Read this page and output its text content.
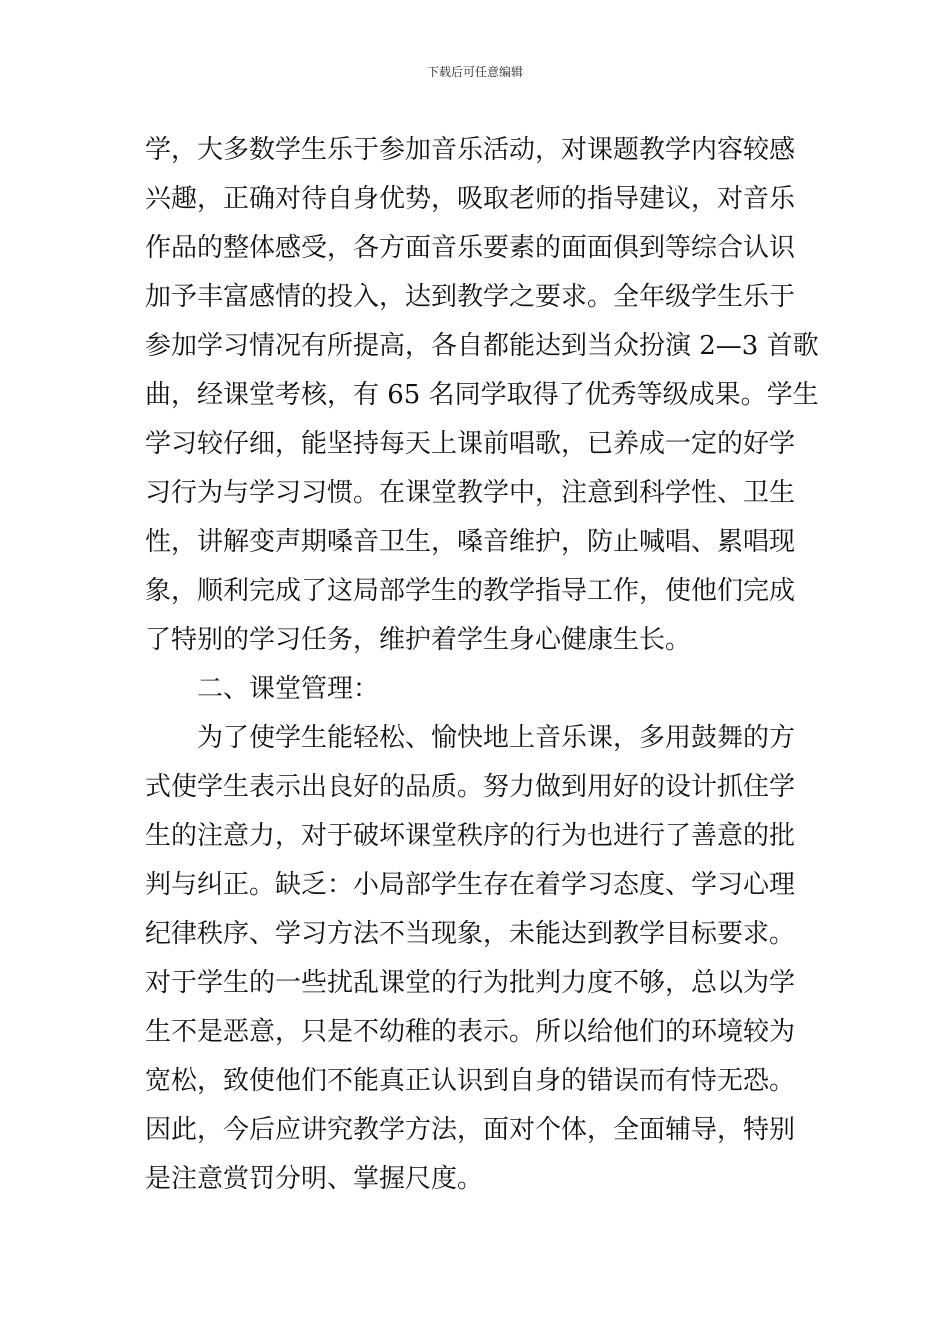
下载后可任意编辑
学，大多数学生乐于参加音乐活动，对课题教学内容较感
兴趣，正确对待自身优势，吸取老师的指导建议，对音乐
作品的整体感受，各方面音乐要素的面面俱到等综合认识
加予丰富感情的投入，达到教学之要求。全年级学生乐于
参加学习情况有所提高，各自都能达到当众扮演 2—3 首歌
曲，经课堂考核，有 65 名同学取得了优秀等级成果。学生
学习较仔细，能坚持每天上课前唱歌，已养成一定的好学
习行为与学习习惯。在课堂教学中，注意到科学性、卫生
性，讲解变声期嗓音卫生，嗓音维护，防止喊唱、累唱现
象，顺利完成了这局部学生的教学指导工作，使他们完成
了特别的学习任务，维护着学生身心健康生长。
二、课堂管理：
为了使学生能轻松、愉快地上音乐课，多用鼓舞的方
式使学生表示出良好的品质。努力做到用好的设计抓住学
生的注意力，对于破坏课堂秩序的行为也进行了善意的批
判与纠正。缺乏：小局部学生存在着学习态度、学习心理
纪律秩序、学习方法不当现象，未能达到教学目标要求。
对于学生的一些扰乱课堂的行为批判力度不够，总以为学
生不是恶意，只是不幼稚的表示。所以给他们的环境较为
宽松，致使他们不能真正认识到自身的错误而有恃无恐。
因此，今后应讲究教学方法，面对个体，全面辅导，特别
是注意赏罚分明、掌握尺度。
